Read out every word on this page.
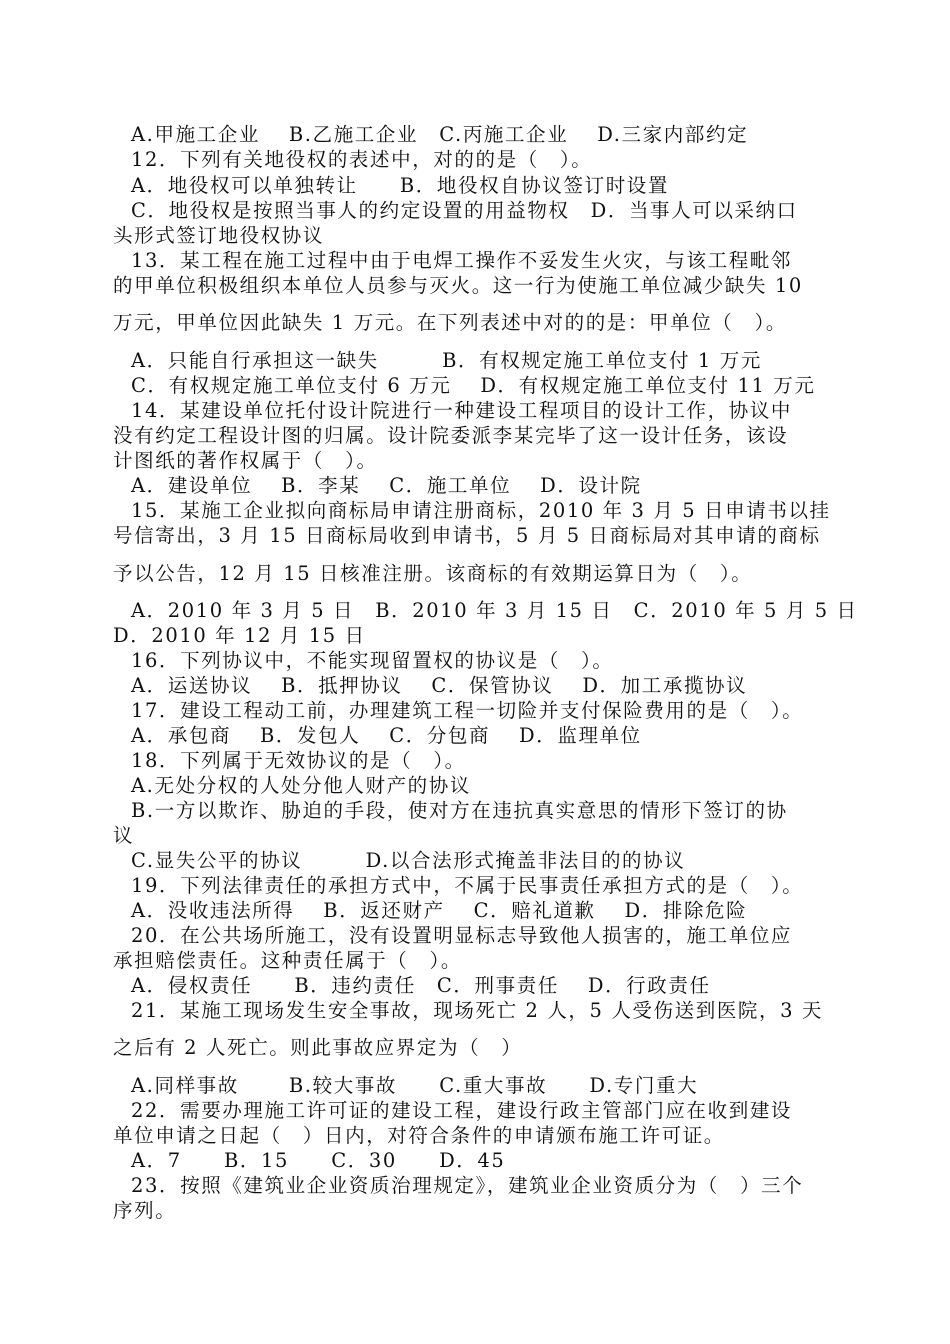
A.甲施工企业　 B.乙施工企业　C.丙施工企业　 D.三家内部约定
12．下列有关地役权的表述中，对的的是（　）。
A．地役权可以单独转让　　B．地役权自协议签订时设置
C．地役权是按照当事人的约定设置的用益物权　D．当事人可以采纳口
头形式签订地役权协议
13．某工程在施工过程中由于电焊工操作不妥发生火灾，与该工程毗邻
的甲单位积极组织本单位人员参与灭火。这一行为使施工单位减少缺失 10
万元，甲单位因此缺失 1 万元。在下列表述中对的的是：甲单位（　）。
A．只能自行承担这一缺失　　　B．有权规定施工单位支付 1 万元
C．有权规定施工单位支付 6 万元　 D．有权规定施工单位支付 11 万元
14．某建设单位托付设计院进行一种建设工程项目的设计工作，协议中
没有约定工程设计图的归属。设计院委派李某完毕了这一设计任务，该设
计图纸的著作权属于（　）。
A．建设单位　 B．李某　 C．施工单位　 D．设计院
15．某施工企业拟向商标局申请注册商标，2010 年 3 月 5 日申请书以挂
号信寄出，3 月 15 日商标局收到申请书，5 月 5 日商标局对其申请的商标
予以公告，12 月 15 日核准注册。该商标的有效期运算日为（　）。
A．2010 年 3 月 5 日　B．2010 年 3 月 15 日　C．2010 年 5 月 5 日
D．2010 年 12 月 15 日
16．下列协议中，不能实现留置权的协议是（　）。
A．运送协议　 B．抵押协议　 C．保管协议　 D．加工承揽协议
17．建设工程动工前，办理建筑工程一切险并支付保险费用的是（　）。
A．承包商　 B．发包人　 C．分包商　 D．监理单位
18．下列属于无效协议的是（　）。
A.无处分权的人处分他人财产的协议
B.一方以欺诈、胁迫的手段，使对方在违抗真实意思的情形下签订的协
议
C.显失公平的协议　　　D.以合法形式掩盖非法目的的协议
19．下列法律责任的承担方式中，不属于民事责任承担方式的是（　）。
A．没收违法所得　 B．返还财产　 C．赔礼道歉　 D．排除危险
20．在公共场所施工，没有设置明显标志导致他人损害的，施工单位应
承担赔偿责任。这种责任属于（　）。
A．侵权责任　　B．违约责任　C．刑事责任　 D．行政责任
21．某施工现场发生安全事故，现场死亡 2 人，5 人受伤送到医院，3 天
之后有 2 人死亡。则此事故应界定为（　）
A.同样事故　　 B.较大事故　　C.重大事故　　D.专门重大
22．需要办理施工许可证的建设工程，建设行政主管部门应在收到建设
单位申请之日起（　）日内，对符合条件的申请颁布施工许可证。
A．7　　B．15　　C．30　　D．45
23．按照《建筑业企业资质治理规定》，建筑业企业资质分为（　）三个
序列。
